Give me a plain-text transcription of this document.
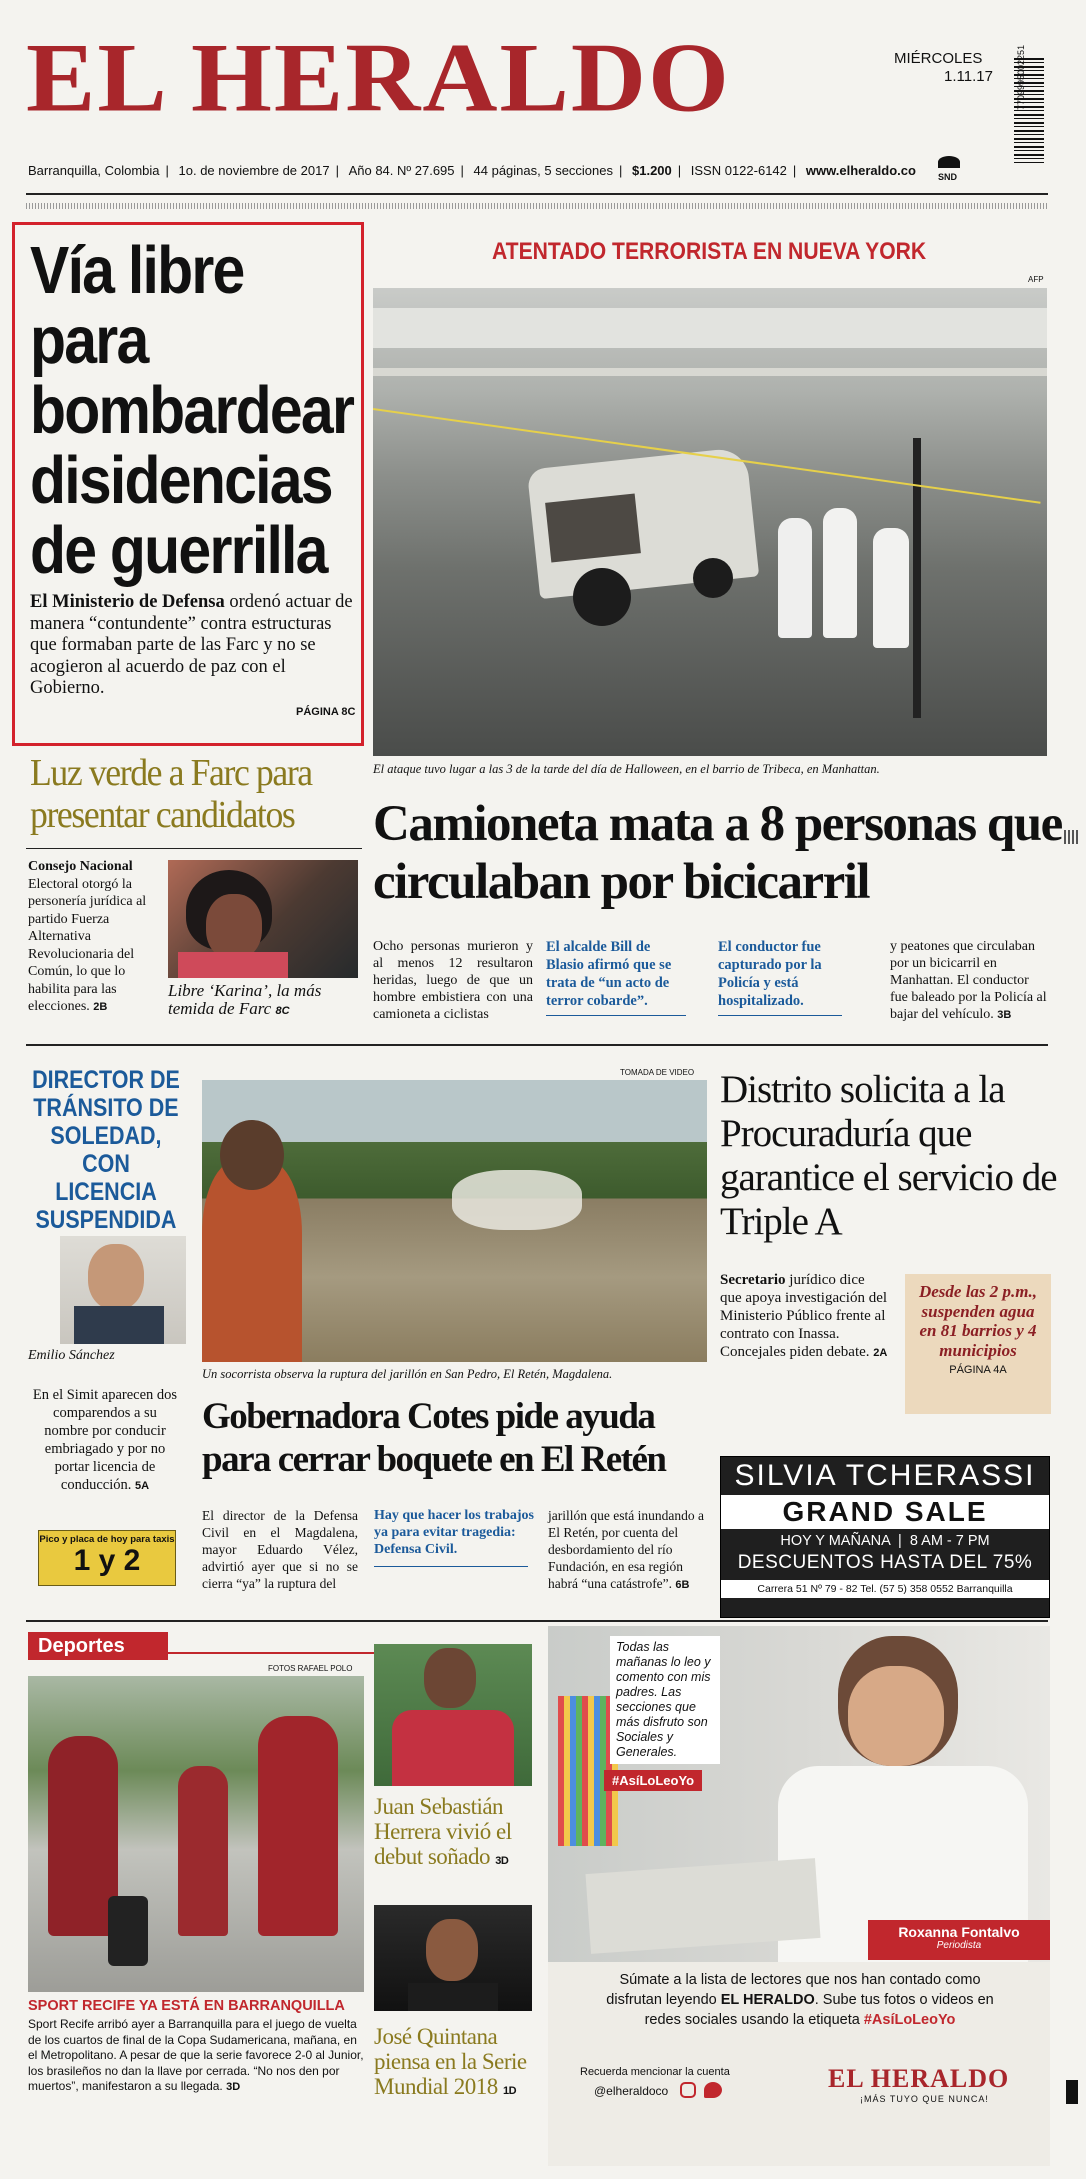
EL HERALDO	MIÉRCOLES
1.11.17	7709995002251
Barranquilla, Colombia | 1o. de noviembre de 2017 | Año 84. Nº 27.695 | 44 páginas, 5 secciones | $1.200 | ISSN 0122-6142 | www.elheraldo.co	SND
Vía libre para bombardear disidencias de guerrilla
El Ministerio de Defensa ordenó actuar de manera “contundente” contra estructuras que formaban parte de las Farc y no se acogieron al acuerdo de paz con el Gobierno.
PÁGINA 8C
ATENTADO TERRORISTA EN NUEVA YORK
AFP
El ataque tuvo lugar a las 3 de la tarde del día de Halloween, en el barrio de Tribeca, en Manhattan.
Camioneta mata a 8 personas que circulaban por bicicarril
Ocho personas murieron y al menos 12 resultaron heridas, luego de que un hombre embistiera con una camioneta a ciclistas
El alcalde Bill de Blasio afirmó que se trata de “un acto de terror cobarde”.
El conductor fue capturado por la Policía y está hospitalizado.
y peatones que circulaban por un bicicarril en Manhattan. El conductor fue baleado por la Policía al bajar del vehículo. 3B
Luz verde a Farc para presentar candidatos
Consejo Nacional Electoral otorgó la personería jurídica al partido Fuerza Alternativa Revolucionaria del Común, lo que lo habilita para las elecciones. 2B
Libre ‘Karina’, la más temida de Farc 8C
DIRECTOR DE TRÁNSITO DE SOLEDAD, CON LICENCIA SUSPENDIDA
Emilio Sánchez
En el Simit aparecen dos comparendos a su nombre por conducir embriagado y por no portar licencia de conducción. 5A
Pico y placa de hoy para taxis
1 y 2
TOMADA DE VIDEO
Un socorrista observa la ruptura del jarillón en San Pedro, El Retén, Magdalena.
Gobernadora Cotes pide ayuda para cerrar boquete en El Retén
El director de la Defensa Civil en el Magdalena, mayor Eduardo Vélez, advirtió ayer que si no se cierra “ya” la ruptura del
Hay que hacer los trabajos ya para evitar tragedia: Defensa Civil.
jarillón que está inundando a El Retén, por cuenta del desbordamiento del río Fundación, en esa región habrá “una catástrofe”. 6B
Distrito solicita a la Procuraduría que garantice el servicio de Triple A
Secretario jurídico dice que apoya investigación del Ministerio Público frente al contrato con Inassa. Concejales piden debate. 2A
Desde las 2 p.m., suspenden agua en 81 barrios y 4 municipios
PÁGINA 4A
SILVIA TCHERASSI
GRAND SALE
HOY Y MAÑANA  |  8 AM - 7 PM
DESCUENTOS HASTA DEL 75%
Carrera 51 Nº 79 - 82 Tel. (57 5) 358 0552 Barranquilla
Deportes
FOTOS RAFAEL POLO
SPORT RECIFE YA ESTÁ EN BARRANQUILLA
Sport Recife arribó ayer a Barranquilla para el juego de vuelta de los cuartos de final de la Copa Sudamericana, mañana, en el Metropolitano. A pesar de que la serie favorece 2-0 al Junior, los brasileños no dan la llave por cerrada. “No nos den por muertos”, manifestaron a su llegada. 3D
Juan Sebastián Herrera vivió el debut soñado 3D
José Quintana piensa en la Serie Mundial 2018 1D
Todas las mañanas lo leo y comento con mis padres. Las secciones que más disfruto son Sociales y Generales.
#AsíLoLeoYo
Roxanna Fontalvo
Periodista
Súmate a la lista de lectores que nos han contado como disfrutan leyendo EL HERALDO. Sube tus fotos o videos en redes sociales usando la etiqueta #AsíLoLeoYo
Recuerda mencionar la cuenta
@elheraldoco	EL HERALDO
¡MÁS TUYO QUE NUNCA!
